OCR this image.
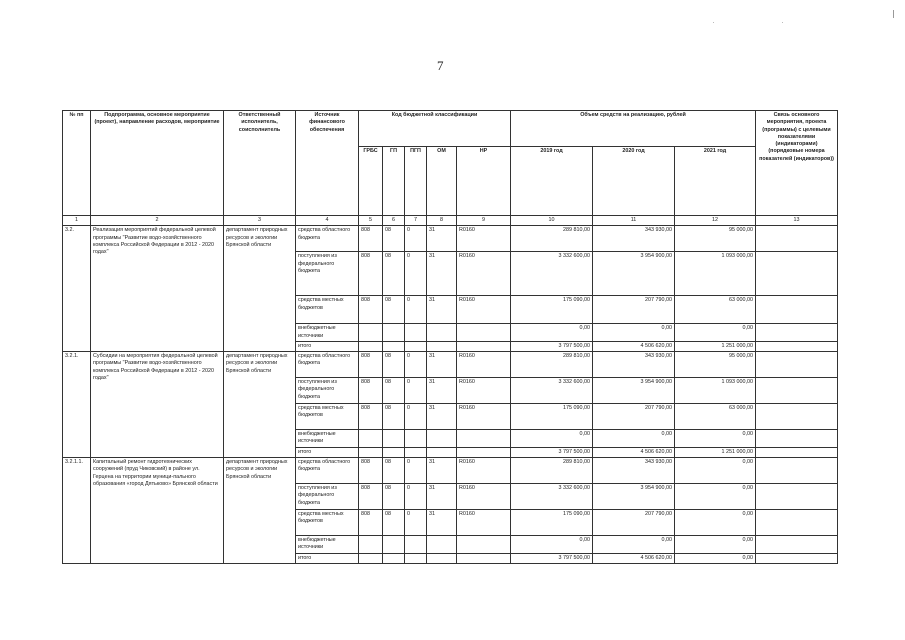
7
№ пп	Подпрограмма, основное мероприятие (проект), направление расходов, мероприятие	Ответственный исполнитель, соисполнитель	Источник финансового обеспечения	Код бюджетной классификации					Объем средств на реализацию, рублей			Связь основного мероприятия, проекта (программы) с целевыми показателями (индикаторами) (порядковые номера показателей (индикаторов))
				ГРБС	ГП	ПГП	ОМ	НР	2019 год	2020 год	2021 год	
1	2	3	4	5	6	7	8	9	10	11	12	13
3.2.	Реализация мероприятий федеральной целевой программы "Развитие водо-хозяйственного комплекса Российской Федерации в 2012 - 2020 годах"	департамент природных ресурсов и экологии Брянской области	средства областного бюджета	808	08	0	31	R0160	289 810,00	343 930,00	95 000,00	
			поступления из федерального бюджета	808	08	0	31	R0160	3 332 600,00	3 954 900,00	1 093 000,00	
			средства местных бюджетов	808	08	0	31	R0160	175 090,00	207 790,00	63 000,00	
			внебюджетные источники						0,00	0,00	0,00	
			итого						3 797 500,00	4 506 620,00	1 251 000,00	
3.2.1.	Субсидии на мероприятия федеральной целевой программы "Развитие водо-хозяйственного комплекса Российской Федерации в 2012 - 2020 годах"	департамент природных ресурсов и экологии Брянской области	средства областного бюджета	808	08	0	31	R0160	289 810,00	343 930,00	95 000,00	
			поступления из федерального бюджета	808	08	0	31	R0160	3 332 600,00	3 954 900,00	1 093 000,00	
			средства местных бюджетов	808	08	0	31	R0160	175 090,00	207 790,00	63 000,00	
			внебюджетные источники						0,00	0,00	0,00	
			итого						3 797 500,00	4 506 620,00	1 251 000,00	
3.2.1.1.	Капитальный ремонт гидротехнических сооружений (пруд Чиковский) в районе ул. Герцена на территории муници-пального образования «город Дятьково» Брянской области	департамент природных ресурсов и экологии Брянской области	средства областного бюджета	808	08	0	31	R0160	289 810,00	343 930,00	0,00	
			поступления из федерального бюджета	808	08	0	31	R0160	3 332 600,00	3 954 900,00	0,00	
			средства местных бюджетов	808	08	0	31	R0160	175 090,00	207 790,00	0,00	
			внебюджетные источники						0,00	0,00	0,00	
			итого						3 797 500,00	4 506 620,00	0,00	
